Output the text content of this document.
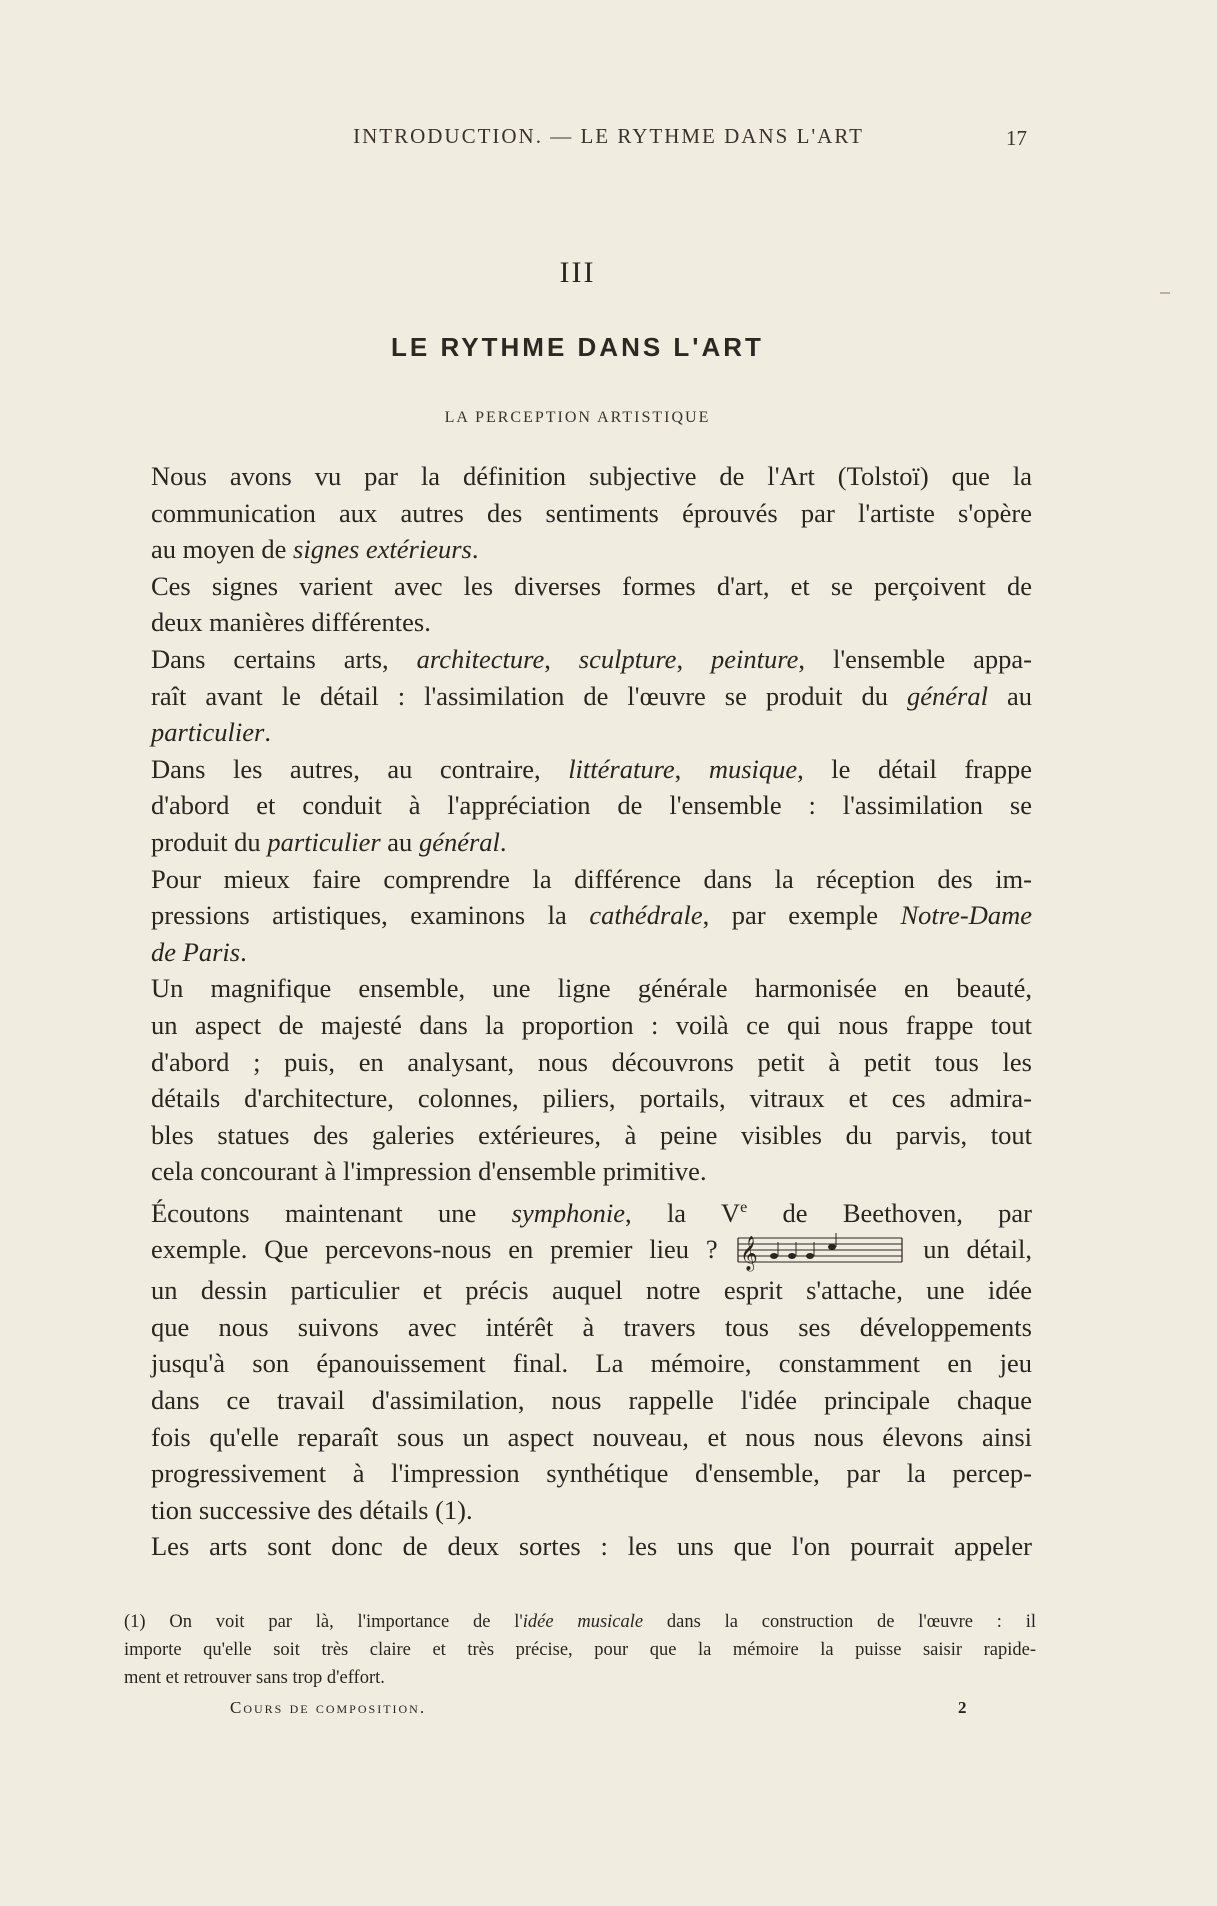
INTRODUCTION. — LE RYTHME DANS L'ART	17
III
LE RYTHME DANS L'ART
LA PERCEPTION ARTISTIQUE

Nous avons vu par la définition subjective de l'Art (Tolstoï) que la
communication aux autres des sentiments éprouvés par l'artiste s'opère
au moyen de signes extérieurs.

Ces signes varient avec les diverses formes d'art, et se perçoivent de
deux manières différentes.

Dans certains arts, architecture, sculpture, peinture, l'ensemble appa-
raît avant le détail : l'assimilation de l'œuvre se produit du général au
particulier.

Dans les autres, au contraire, littérature, musique, le détail frappe
d'abord et conduit à l'appréciation de l'ensemble : l'assimilation se
produit du particulier au général.

Pour mieux faire comprendre la différence dans la réception des im-
pressions artistiques, examinons la cathédrale, par exemple Notre-Dame
de Paris.

Un magnifique ensemble, une ligne générale harmonisée en beauté,
un aspect de majesté dans la proportion : voilà ce qui nous frappe tout
d'abord ; puis, en analysant, nous découvrons petit à petit tous les
détails d'architecture, colonnes, piliers, portails, vitraux et ces admira-
bles statues des galeries extérieures, à peine visibles du parvis, tout
cela concourant à l'impression d'ensemble primitive.

Écoutons maintenant une symphonie, la Ve de Beethoven, par
exemple. Que percevons-nous en premier lieu ? 𝄞	un détail,
un dessin particulier et précis auquel notre esprit s'attache, une idée
que nous suivons avec intérêt à travers tous ses développements
jusqu'à son épanouissement final. La mémoire, constamment en jeu
dans ce travail d'assimilation, nous rappelle l'idée principale chaque
fois qu'elle reparaît sous un aspect nouveau, et nous nous élevons ainsi
progressivement à l'impression synthétique d'ensemble, par la percep-
tion successive des détails (1).

Les arts sont donc de deux sortes : les uns que l'on pourrait appeler

(1) On voit par là, l'importance de l'idée musicale dans la construction de l'œuvre : il
importe qu'elle soit très claire et très précise, pour que la mémoire la puisse saisir rapide-
ment et retrouver sans trop d'effort.
Cours de composition.	2
